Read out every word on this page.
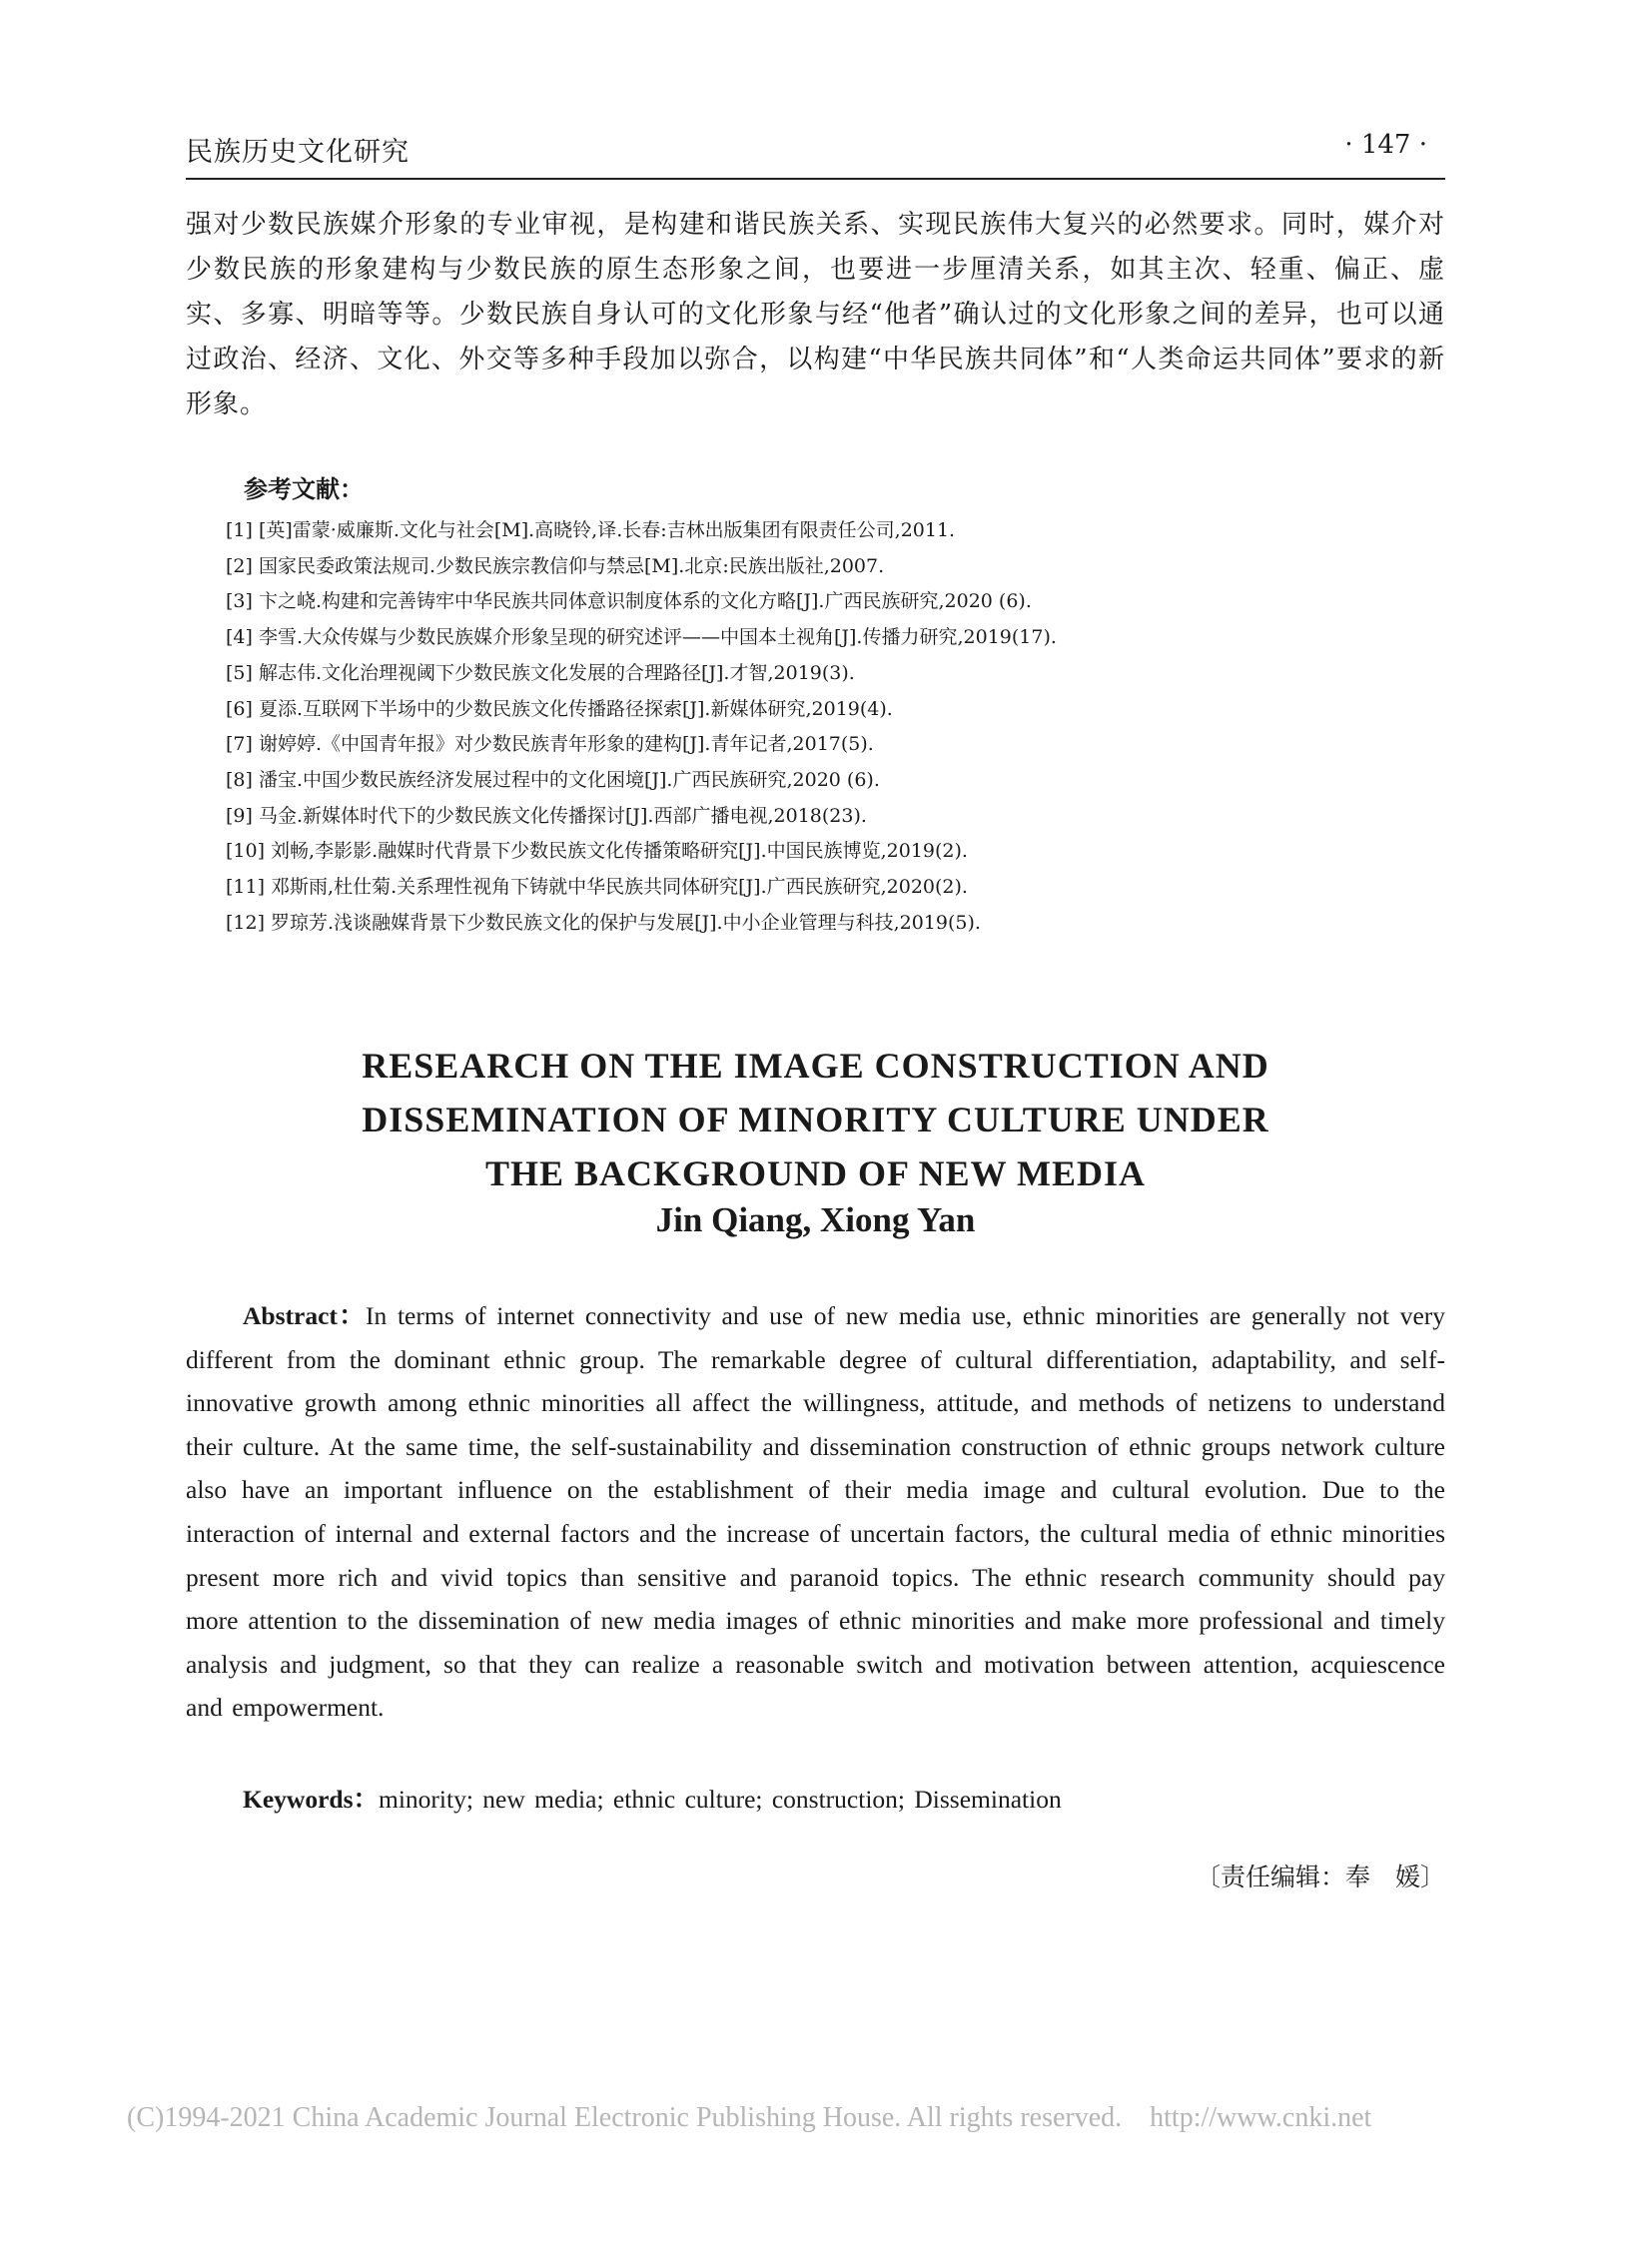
民族历史文化研究	· 147 ·

强对少数民族媒介形象的专业审视，是构建和谐民族关系、实现民族伟大复兴的必然要求。同时，媒介对少数民族的形象建构与少数民族的原生态形象之间，也要进一步厘清关系，如其主次、轻重、偏正、虚实、多寡、明暗等等。少数民族自身认可的文化形象与经“他者”确认过的文化形象之间的差异，也可以通过政治、经济、文化、外交等多种手段加以弥合，以构建“中华民族共同体”和“人类命运共同体”要求的新形象。

参考文献：
[1] [英]雷蒙·威廉斯.文化与社会[M].高晓铃,译.长春:吉林出版集团有限责任公司,2011.
[2] 国家民委政策法规司.少数民族宗教信仰与禁忌[M].北京:民族出版社,2007.
[3] 卞之峣.构建和完善铸牢中华民族共同体意识制度体系的文化方略[J].广西民族研究,2020 (6).
[4] 李雪.大众传媒与少数民族媒介形象呈现的研究述评——中国本土视角[J].传播力研究,2019(17).
[5] 解志伟.文化治理视阈下少数民族文化发展的合理路径[J].才智,2019(3).
[6] 夏添.互联网下半场中的少数民族文化传播路径探索[J].新媒体研究,2019(4).
[7] 谢婷婷.《中国青年报》对少数民族青年形象的建构[J].青年记者,2017(5).
[8] 潘宝.中国少数民族经济发展过程中的文化困境[J].广西民族研究,2020 (6).
[9] 马金.新媒体时代下的少数民族文化传播探讨[J].西部广播电视,2018(23).
[10] 刘畅,李影影.融媒时代背景下少数民族文化传播策略研究[J].中国民族博览,2019(2).
[11] 邓斯雨,杜仕菊.关系理性视角下铸就中华民族共同体研究[J].广西民族研究,2020(2).
[12] 罗琼芳.浅谈融媒背景下少数民族文化的保护与发展[J].中小企业管理与科技,2019(5).
RESEARCH ON THE IMAGE CONSTRUCTION AND
DISSEMINATION OF MINORITY CULTURE UNDER
THE BACKGROUND OF NEW MEDIA
Jin Qiang, Xiong Yan

Abstract：In terms of internet connectivity and use of new media use, ethnic minorities are generally not very different from the dominant ethnic group. The remarkable degree of cultural differentiation, adaptability, and self-innovative growth among ethnic minorities all affect the willingness, attitude, and methods of netizens to understand their culture. At the same time, the self-sustainability and dissemination construction of ethnic groups network culture also have an important influence on the establishment of their media image and cultural evolution. Due to the interaction of internal and external factors and the increase of uncertain factors, the cultural media of ethnic minorities present more rich and vivid topics than sensitive and paranoid topics. The ethnic research community should pay more attention to the dissemination of new media images of ethnic minorities and make more professional and timely analysis and judgment, so that they can realize a reasonable switch and motivation between attention, acquiescence and empowerment.

Keywords：minority; new media; ethnic culture; construction; Dissemination

〔责任编辑：奉　媛〕
(C)1994-2021 China Academic Journal Electronic Publishing House. All rights reserved. http://www.cnki.net
